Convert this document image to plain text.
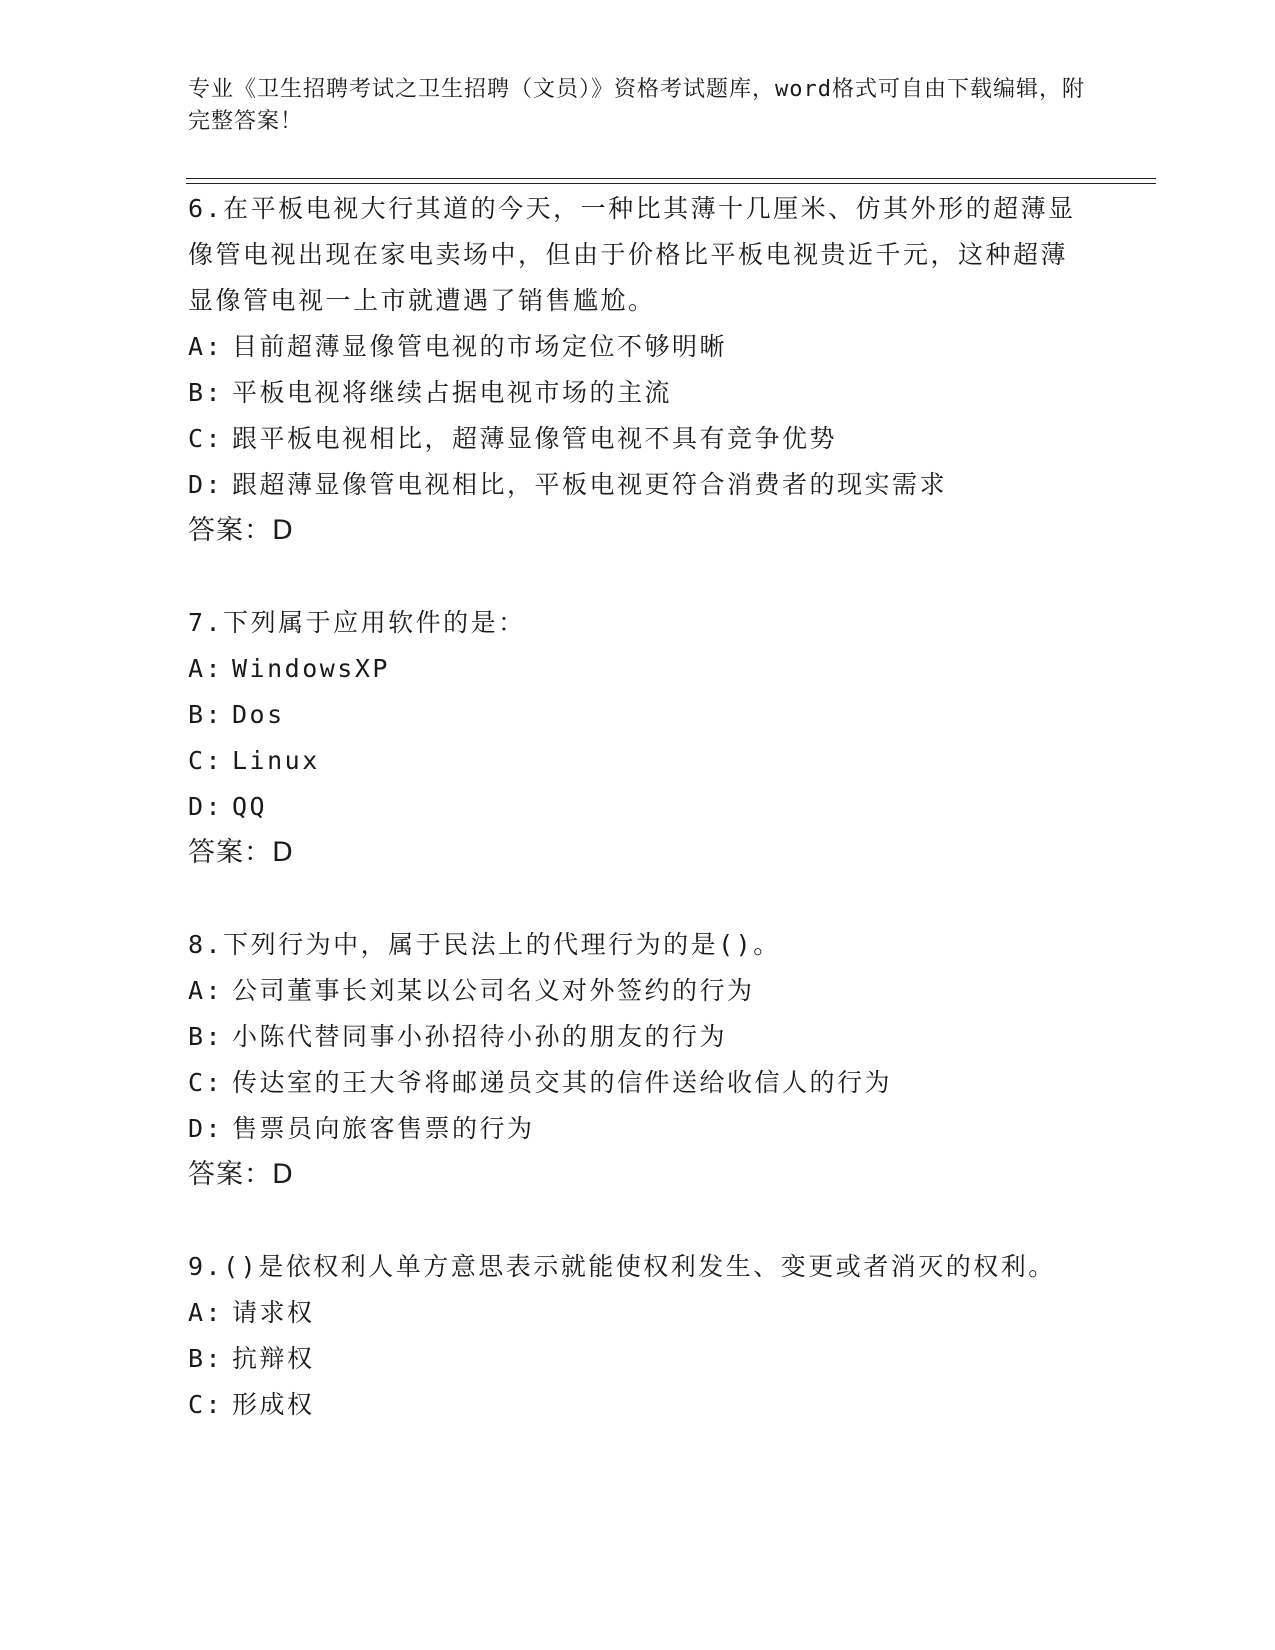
专业《卫生招聘考试之卫生招聘（文员）》资格考试题库，word格式可自由下载编辑，附完整答案！
6.在平板电视大行其道的今天，一种比其薄十几厘米、仿其外形的超薄显像管电视出现在家电卖场中，但由于价格比平板电视贵近千元，这种超薄显像管电视一上市就遭遇了销售尴尬。
A: 目前超薄显像管电视的市场定位不够明晰
B: 平板电视将继续占据电视市场的主流
C: 跟平板电视相比，超薄显像管电视不具有竞争优势
D: 跟超薄显像管电视相比，平板电视更符合消费者的现实需求
答案：D
7.下列属于应用软件的是：
A: WindowsXP
B: Dos
C: Linux
D: QQ
答案：D
8.下列行为中，属于民法上的代理行为的是()。
A: 公司董事长刘某以公司名义对外签约的行为
B: 小陈代替同事小孙招待小孙的朋友的行为
C: 传达室的王大爷将邮递员交其的信件送给收信人的行为
D: 售票员向旅客售票的行为
答案：D
9.()是依权利人单方意思表示就能使权利发生、变更或者消灭的权利。
A: 请求权
B: 抗辩权
C: 形成权
